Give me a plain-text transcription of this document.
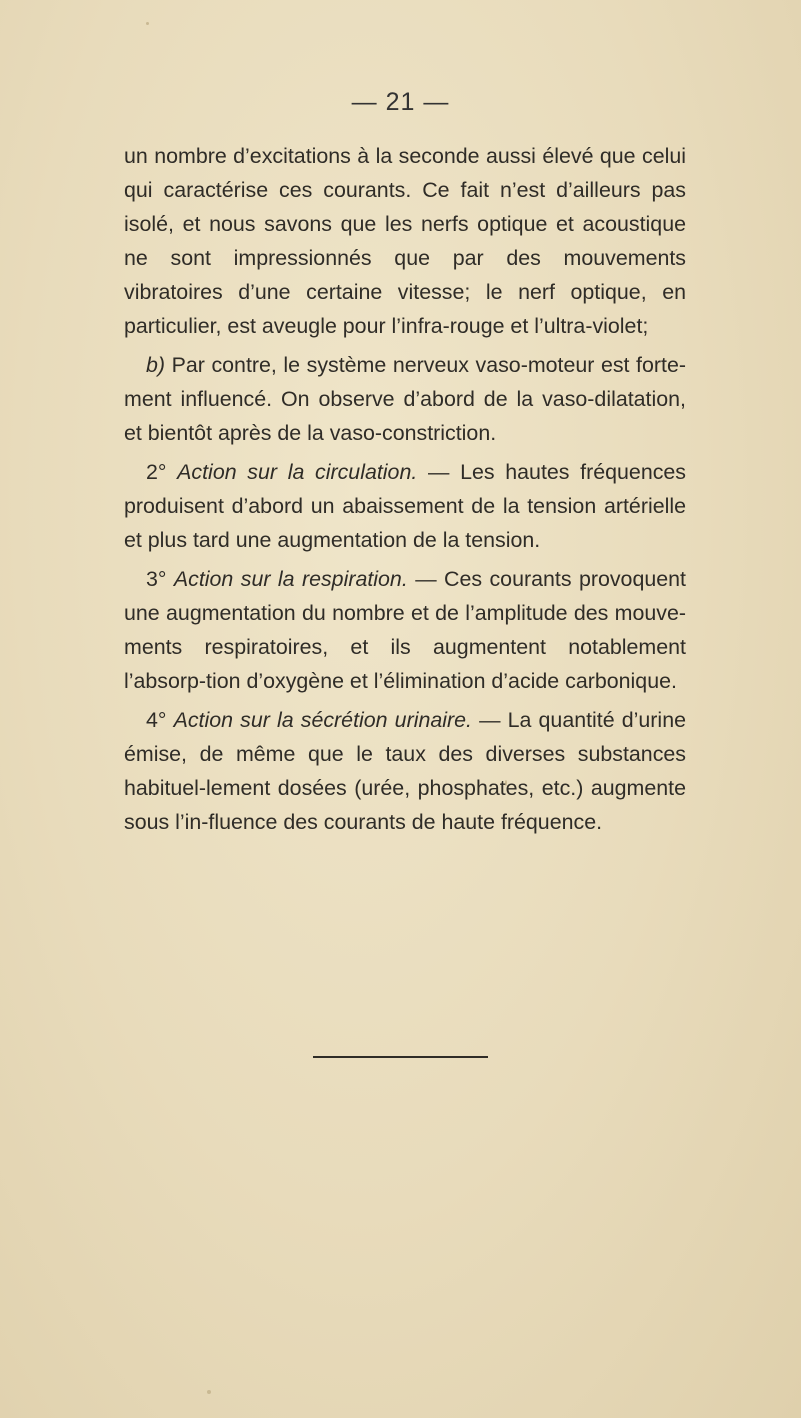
— 21 —

un nombre d’excitations à la seconde aussi élevé que celui qui caractérise ces courants. Ce fait n’est d’ailleurs pas isolé, et nous savons que les nerfs optique et acoustique ne sont impressionnés que par des mouvements vibratoires d’une certaine vitesse; le nerf optique, en particulier, est aveugle pour l’infra-rouge et l’ultra-violet;

b) Par contre, le système nerveux vaso-moteur est forte-ment influencé. On observe d’abord de la vaso-dilatation, et bientôt après de la vaso-constriction.

2° Action sur la circulation. — Les hautes fréquences produisent d’abord un abaissement de la tension artérielle et plus tard une augmentation de la tension.

3° Action sur la respiration. — Ces courants provoquent une augmentation du nombre et de l’amplitude des mouve-ments respiratoires, et ils augmentent notablement l’absorp-tion d’oxygène et l’élimination d’acide carbonique.

4° Action sur la sécrétion urinaire. — La quantité d’urine émise, de même que le taux des diverses substances habituel-lement dosées (urée, phosphates, etc.) augmente sous l’in-fluence des courants de haute fréquence.
